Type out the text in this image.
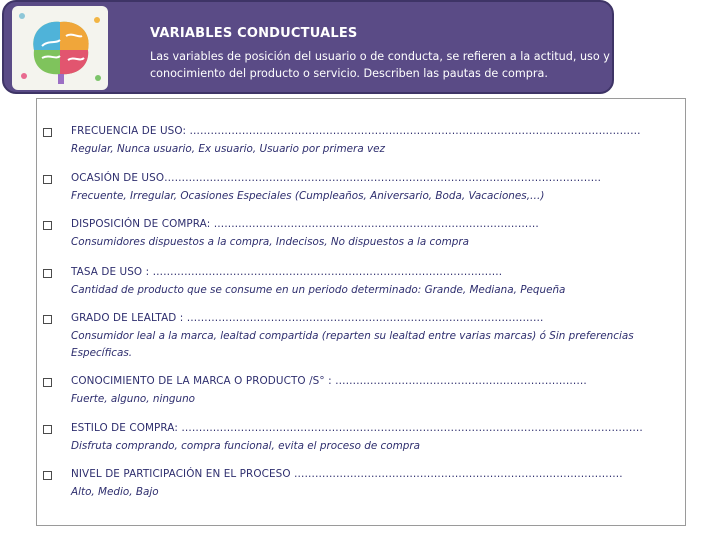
VARIABLES CONDUCTUALES
Las variables de posición del usuario o de conducta, se refieren a la actitud, uso y conocimiento del producto o servicio. Describen las pautas de compra.
FRECUENCIA DE USO: …………………………………………………………………………………………………………………
Regular, Nunca usuario, Ex usuario, Usuario por primera vez
OCASIÓN DE USO……………………………………………………………………………………………………………..
Frecuente, Irregular, Ocasiones Especiales (Cumpleaños, Aniversario, Boda, Vacaciones,…)
DISPOSICIÓN DE COMPRA: …………………………………………………………………………………
Consumidores dispuestos a la compra, Indecisos, No dispuestos a la compra
TASA DE USO : ……………………………………………………………………………………….
Cantidad de producto que se consume en un periodo determinado: Grande, Mediana, Pequeña
GRADO DE LEALTAD : …………………………………………………………………………………………
Consumidor leal a la marca, lealtad compartida (reparten su lealtad entre varias marcas) ó Sin preferencias Específicas.
CONOCIMIENTO DE LA MARCA O PRODUCTO /S° : ………………………………………………………………
Fuerte, alguno, ninguno
ESTILO DE COMPRA: ……………………………………………………………………………………………………………………
Disfruta comprando, compra funcional, evita el proceso de compra
NIVEL DE PARTICIPACIÓN EN EL PROCESO ………………………………………………………………………………….
Alto, Medio, Bajo
